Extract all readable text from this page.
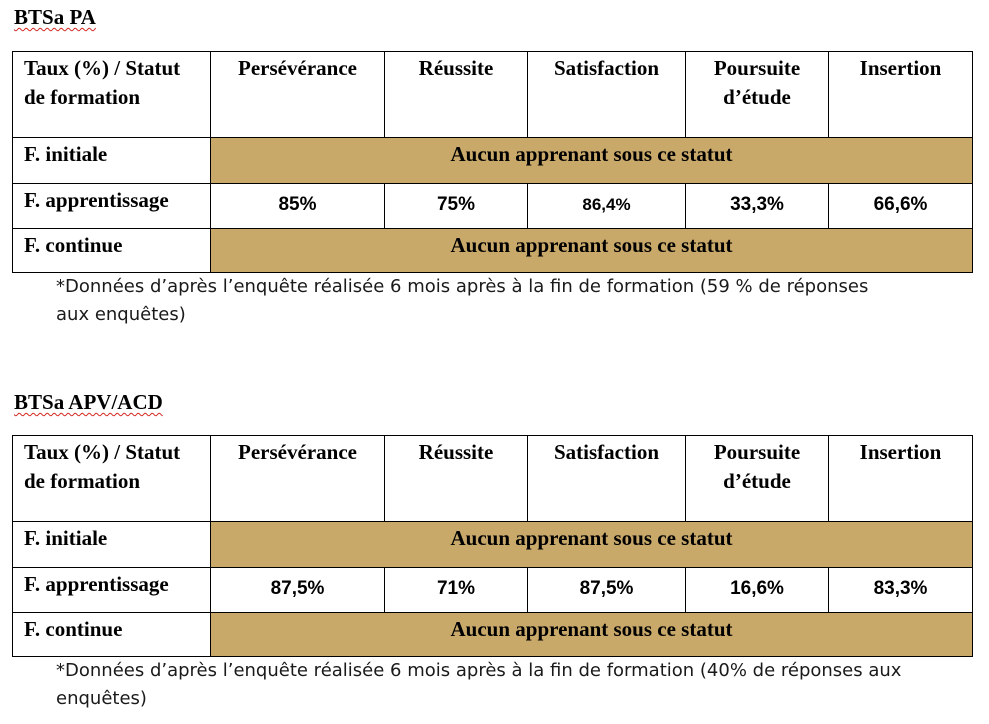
BTSa PA
Taux (%) / Statut de formation	Persévérance	Réussite	Satisfaction	Poursuite d’étude	Insertion
F. initiale	Aucun apprenant sous ce statut				
F. apprentissage	85%	75%	86,4%	33,3%	66,6%
F. continue	Aucun apprenant sous ce statut				
*Données d’après l’enquête réalisée 6 mois après à la fin de formation (59 % de réponses aux enquêtes)
BTSa APV/ACD
Taux (%) / Statut de formation	Persévérance	Réussite	Satisfaction	Poursuite d’étude	Insertion
F. initiale	Aucun apprenant sous ce statut				
F. apprentissage	87,5%	71%	87,5%	16,6%	83,3%
F. continue	Aucun apprenant sous ce statut				
*Données d’après l’enquête réalisée 6 mois après à la fin de formation (40% de réponses aux enquêtes)
